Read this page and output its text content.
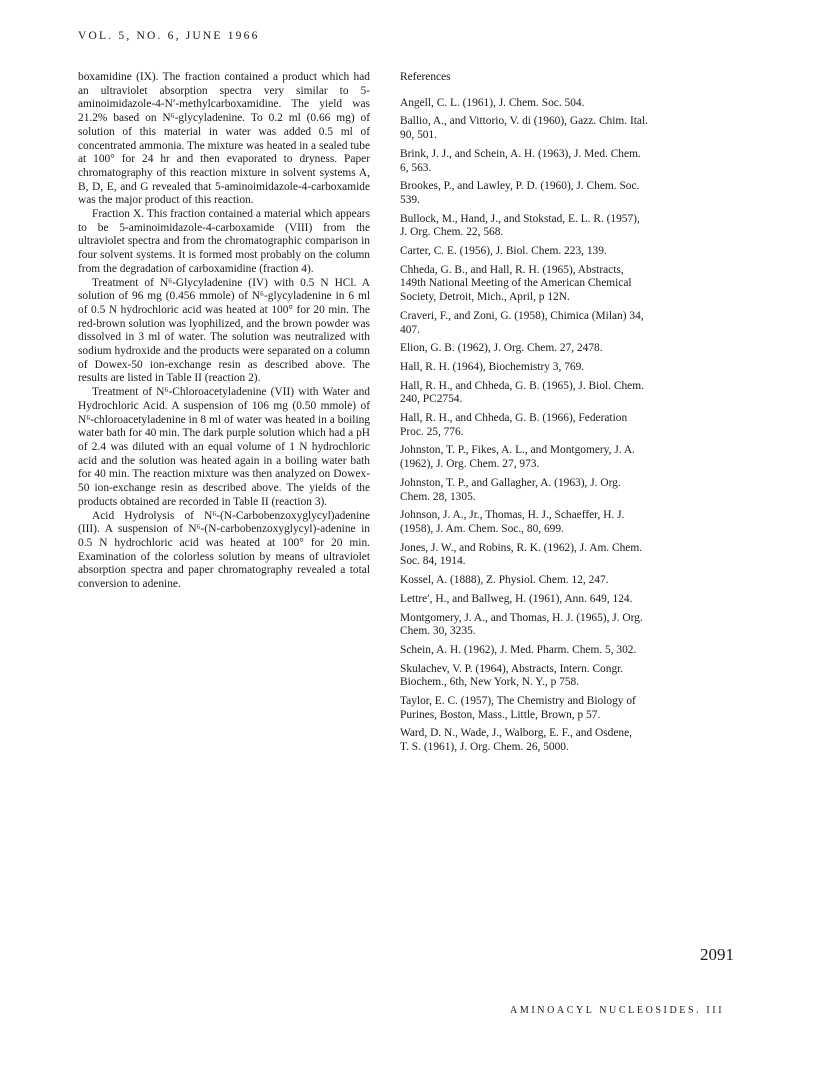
VOL. 5, NO. 6, JUNE 1966

boxamidine (IX). The fraction contained a product which had an ultraviolet absorption spectra very similar to 5-aminoimidazole-4-N′-methylcarboxamidine. The yield was 21.2% based on N⁶-glycyladenine. To 0.2 ml (0.66 mg) of solution of this material in water was added 0.5 ml of concentrated ammonia. The mixture was heated in a sealed tube at 100° for 24 hr and then evaporated to dryness. Paper chromatography of this reaction mixture in solvent systems A, B, D, E, and G revealed that 5-aminoimidazole-4-carboxamide was the major product of this reaction.

Fraction X. This fraction contained a material which appears to be 5-aminoimidazole-4-carboxamide (VIII) from the ultraviolet spectra and from the chromatographic comparison in four solvent systems. It is formed most probably on the column from the degradation of carboxamidine (fraction 4).

Treatment of N⁶-Glycyladenine (IV) with 0.5 N HCl. A solution of 96 mg (0.456 mmole) of N⁶-glycyladenine in 6 ml of 0.5 N hydrochloric acid was heated at 100° for 20 min. The red-brown solution was lyophilized, and the brown powder was dissolved in 3 ml of water. The solution was neutralized with sodium hydroxide and the products were separated on a column of Dowex-50 ion-exchange resin as described above. The results are listed in Table II (reaction 2).

Treatment of N⁶-Chloroacetyladenine (VII) with Water and Hydrochloric Acid. A suspension of 106 mg (0.50 mmole) of N⁶-chloroacetyladenine in 8 ml of water was heated in a boiling water bath for 40 min. The dark purple solution which had a pH of 2.4 was diluted with an equal volume of 1 N hydrochloric acid and the solution was heated again in a boiling water bath for 40 min. The reaction mixture was then analyzed on Dowex-50 ion-exchange resin as described above. The yields of the products obtained are recorded in Table II (reaction 3).

Acid Hydrolysis of N⁶-(N-Carbobenzoxyglycyl)adenine (III). A suspension of N⁶-(N-carbobenzoxyglycyl)-adenine in 0.5 N hydrochloric acid was heated at 100° for 20 min. Examination of the colorless solution by means of ultraviolet absorption spectra and paper chromatography revealed a total conversion to adenine.

References
Angell, C. L. (1961), J. Chem. Soc. 504.
Ballio, A., and Vittorio, V. di (1960), Gazz. Chim. Ital.
90, 501.
Brink, J. J., and Schein, A. H. (1963), J. Med. Chem.
6, 563.
Brookes, P., and Lawley, P. D. (1960), J. Chem. Soc.
539.
Bullock, M., Hand, J., and Stokstad, E. L. R. (1957),
J. Org. Chem. 22, 568.
Carter, C. E. (1956), J. Biol. Chem. 223, 139.
Chheda, G. B., and Hall, R. H. (1965), Abstracts,
149th National Meeting of the American Chemical
Society, Detroit, Mich., April, p 12N.
Craveri, F., and Zoni, G. (1958), Chimica (Milan) 34,
407.
Elion, G. B. (1962), J. Org. Chem. 27, 2478.
Hall, R. H. (1964), Biochemistry 3, 769.
Hall, R. H., and Chheda, G. B. (1965), J. Biol. Chem.
240, PC2754.
Hall, R. H., and Chheda, G. B. (1966), Federation
Proc. 25, 776.
Johnston, T. P., Fikes, A. L., and Montgomery, J. A.
(1962), J. Org. Chem. 27, 973.
Johnston, T. P., and Gallagher, A. (1963), J. Org.
Chem. 28, 1305.
Johnson, J. A., Jr., Thomas, H. J., Schaeffer, H. J.
(1958), J. Am. Chem. Soc., 80, 699.
Jones, J. W., and Robins, R. K. (1962), J. Am. Chem.
Soc. 84, 1914.
Kossel, A. (1888), Z. Physiol. Chem. 12, 247.
Lettre′, H., and Ballweg, H. (1961), Ann. 649, 124.
Montgomery, J. A., and Thomas, H. J. (1965), J. Org.
Chem. 30, 3235.
Schein, A. H. (1962), J. Med. Pharm. Chem. 5, 302.
Skulachev, V. P. (1964), Abstracts, Intern. Congr.
Biochem., 6th, New York, N. Y., p 758.
Taylor, E. C. (1957), The Chemistry and Biology of
Purines, Boston, Mass., Little, Brown, p 57.
Ward, D. N., Wade, J., Walborg, E. F., and Osdene,
T. S. (1961), J. Org. Chem. 26, 5000.
2091
AMINOACYL NUCLEOSIDES. III
